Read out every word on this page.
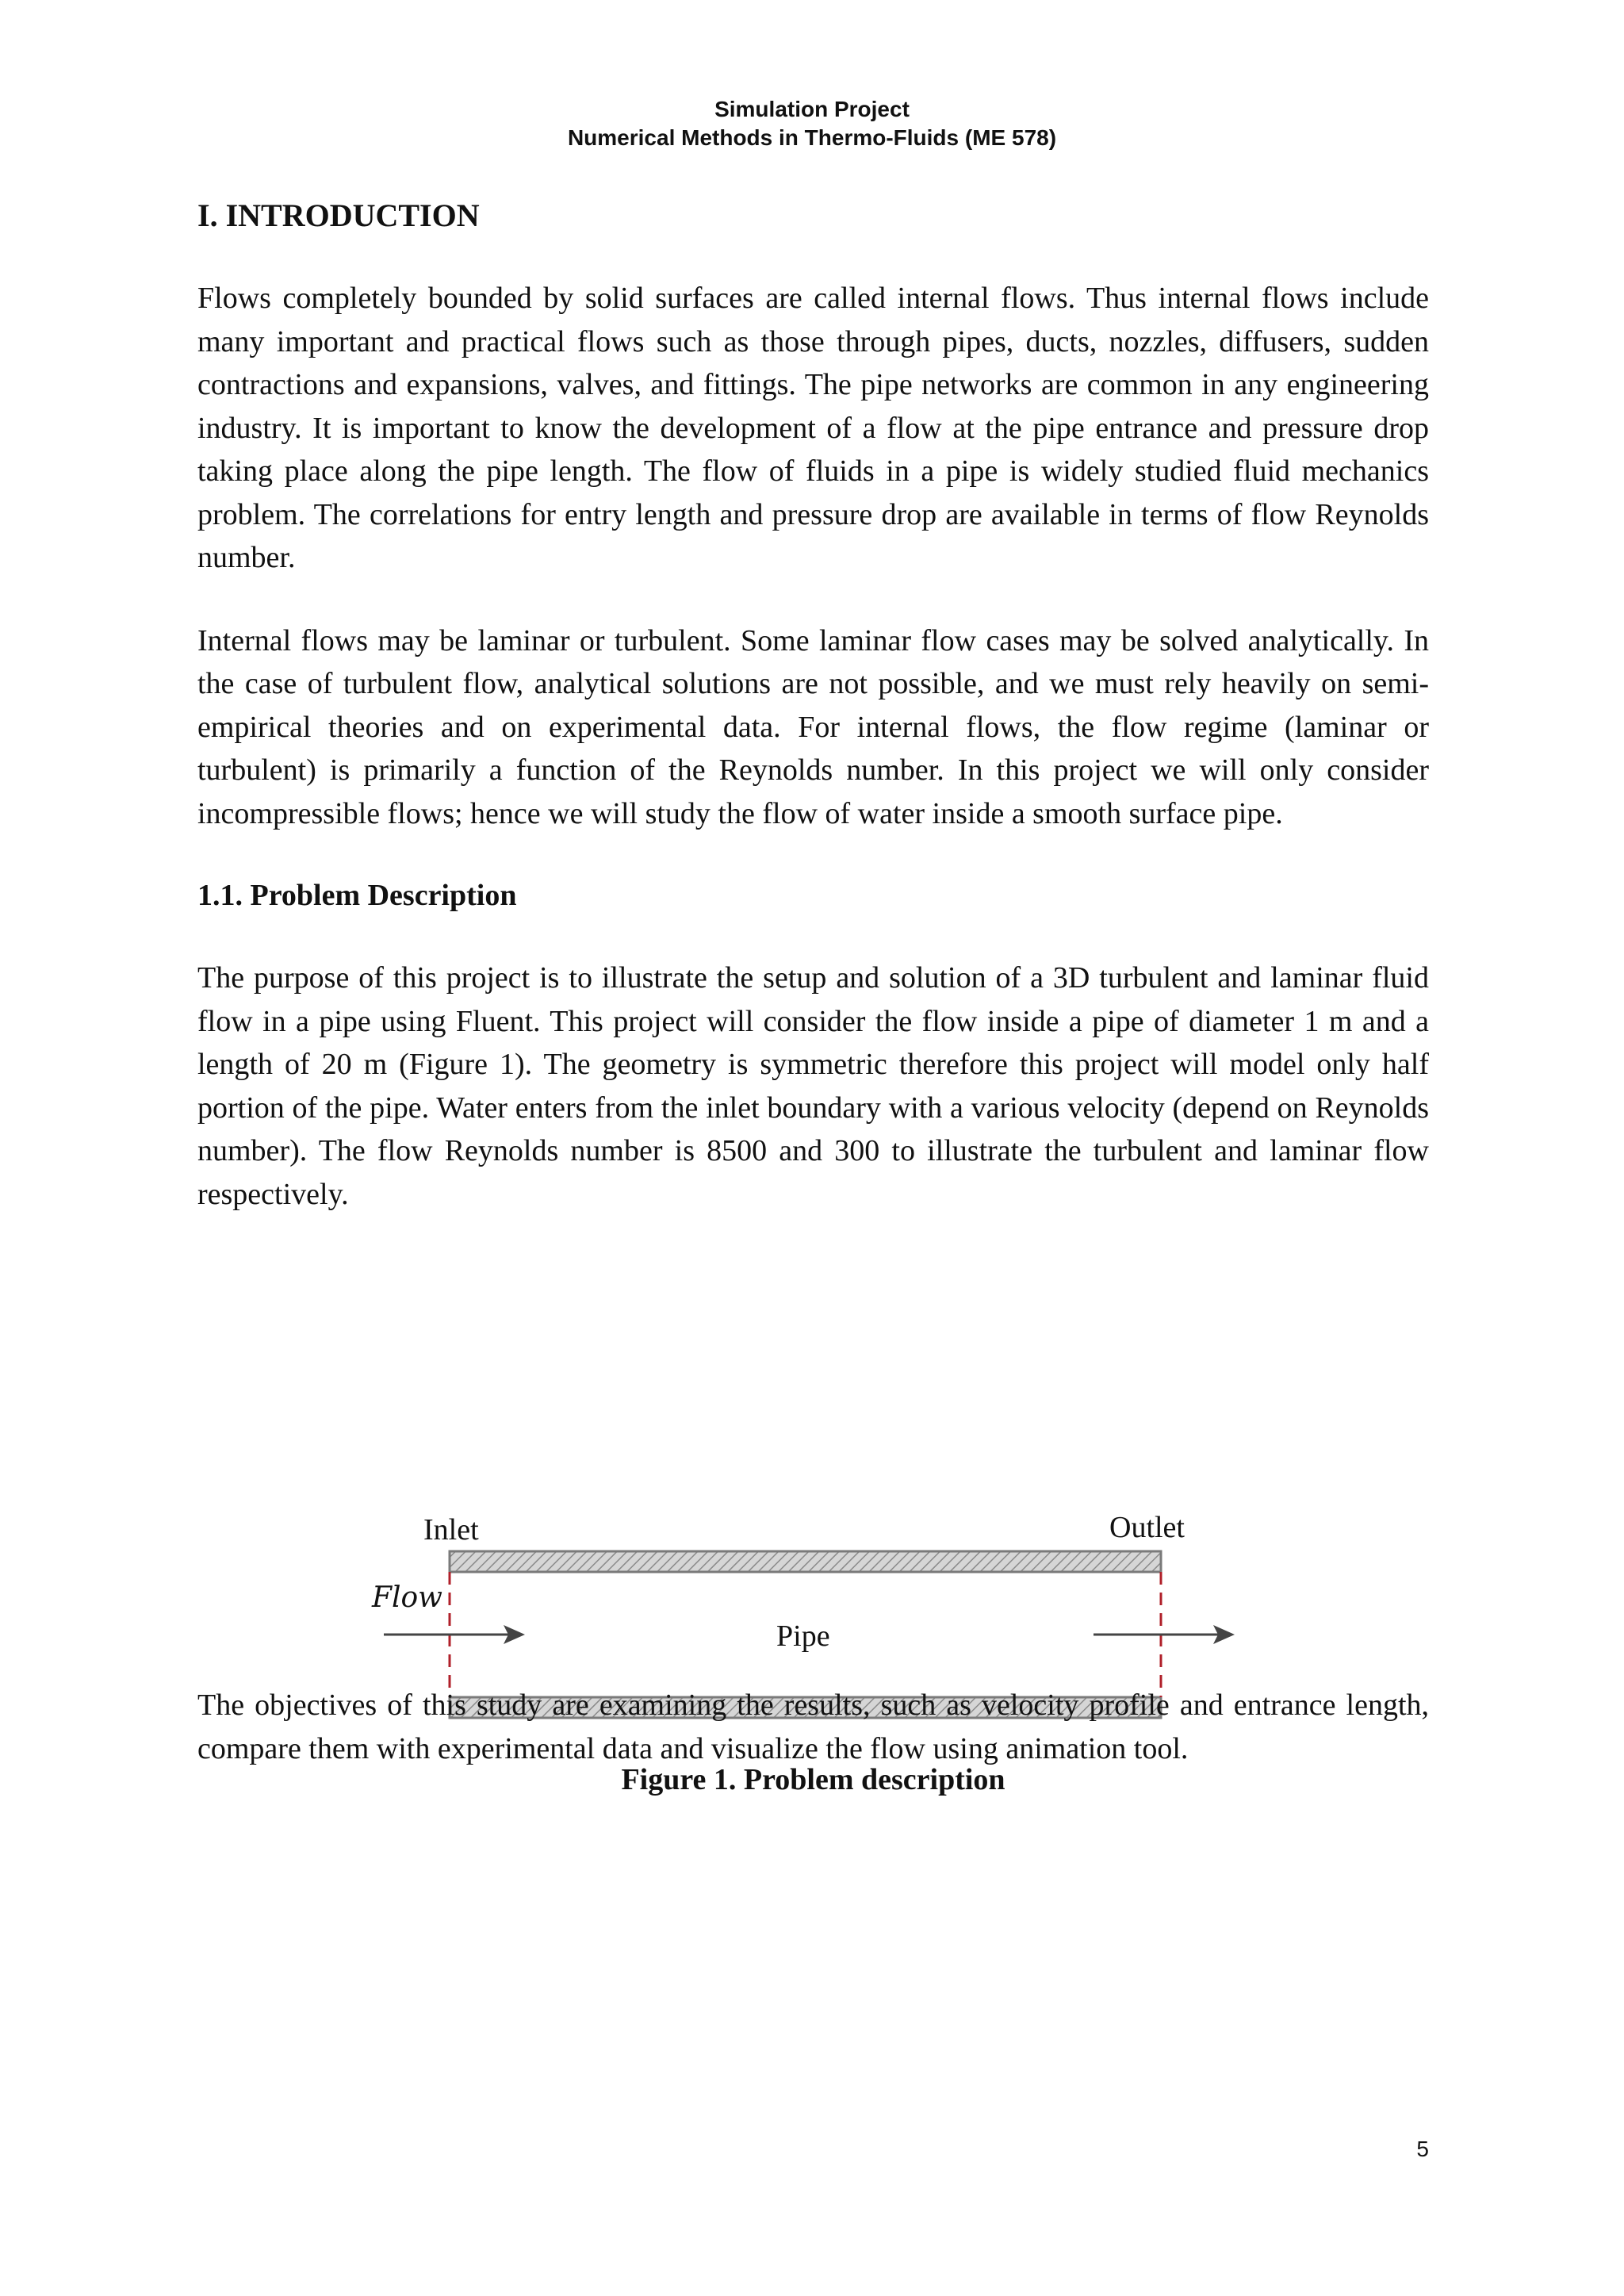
Simulation Project
Numerical Methods in Thermo-Fluids (ME 578)
I. INTRODUCTION

Flows completely bounded by solid surfaces are called internal flows. Thus internal flows include many important and practical flows such as those through pipes, ducts, nozzles, diffusers, sudden contractions and expansions, valves, and fittings. The pipe networks are common in any engineering industry. It is important to know the development of a flow at the pipe entrance and pressure drop taking place along the pipe length. The flow of fluids in a pipe is widely studied fluid mechanics problem. The correlations for entry length and pressure drop are available in terms of flow Reynolds number.

Internal flows may be laminar or turbulent. Some laminar flow cases may be solved analytically. In the case of turbulent flow, analytical solutions are not possible, and we must rely heavily on semi-empirical theories and on experimental data. For internal flows, the flow regime (laminar or turbulent) is primarily a function of the Reynolds number. In this project we will only consider incompressible flows; hence we will study the flow of water inside a smooth surface pipe.

1.1. Problem Description

The purpose of this project is to illustrate the setup and solution of a 3D turbulent and laminar fluid flow in a pipe using Fluent. This project will consider the flow inside a pipe of diameter 1 m and a length of 20 m (Figure 1). The geometry is symmetric therefore this project will model only half portion of the pipe. Water enters from the inlet boundary with a various velocity (depend on Reynolds number). The flow Reynolds number is 8500 and 300 to illustrate the turbulent and laminar flow respectively.

Inlet	Outlet
Flow
Pipe
Figure 1. Problem description

The objectives of this study are examining the results, such as velocity profile and entrance length, compare them with experimental data and visualize the flow using animation tool.

5
